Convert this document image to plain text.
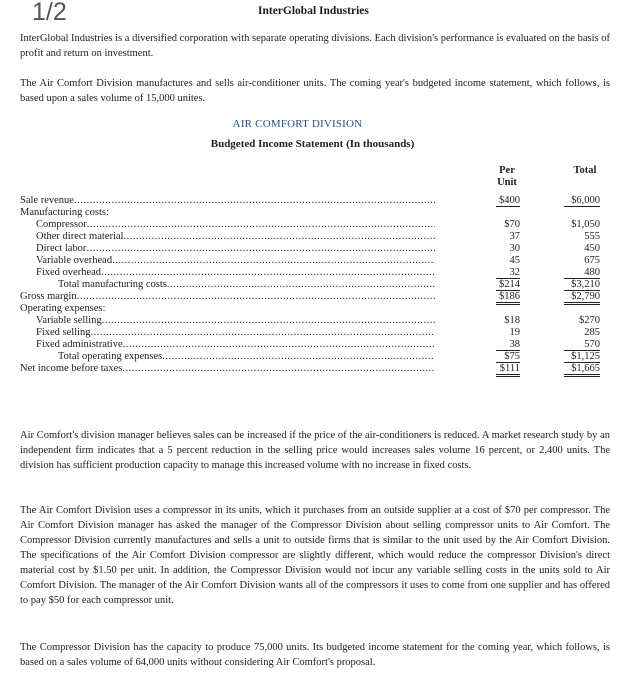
1/2	InterGlobal Industries

InterGlobal Industries is a diversified corporation with separate operating divisions. Each division's performance is evaluated on the basis of profit and return on investment.

The Air Comfort Division manufactures and sells air-conditioner units. The coming year's budgeted income statement, which follows, is based upon a sales volume of 15,000 unites.

AIR COMFORT DIVISION
Budgeted Income Statement (In thousands)
Per Unit
Total
Sale revenue .....	$400	$6,000
Manufacturing costs:
Compressor .....	$70	$1,050
Other direct material .....	37	555
Direct labor .....	30	450
Variable overhead .....	45	675
Fixed overhead .....	32	480
Total manufacturing costs .....	$214	$3,210
Gross margin .....	$186	$2,790
Operating expenses:
Variable selling .....	$18	$270
Fixed selling .....	19	285
Fixed administrative .....	38	570
Total operating expenses .....	$75	$1,125
Net income before taxes .....	$111	$1,665

Air Comfort's division manager believes sales can be increased if the price of the air-conditioners is reduced. A market research study by an independent firm indicates that a 5 percent reduction in the selling price would increases sales volume 16 percent, or 2,400 units. The division has sufficient production capacity to manage this increased volume with no increase in fixed costs.

The Air Comfort Division uses a compressor in its units, which it purchases from an outside supplier at a cost of $70 per compressor. The Air Comfort Division manager has asked the manager of the Compressor Division about selling compressor units to Air Comfort. The Compressor Division currently manufactures and sells a unit to outside firms that is similar to the unit used by the Air Comfort Division. The specifications of the Air Comfort Division compressor are slightly different, which would reduce the compressor Division's direct material cost by $1.50 per unit. In addition, the Compressor Division would not incur any variable selling costs in the units sold to Air Comfort Division. The manager of the Air Comfort Division wants all of the compressors it uses to come from one supplier and has offered to pay $50 for each compressor unit.

The Compressor Division has the capacity to produce 75,000 units. Its budgeted income statement for the coming year, which follows, is based on a sales volume of 64,000 units without considering Air Comfort's proposal.
